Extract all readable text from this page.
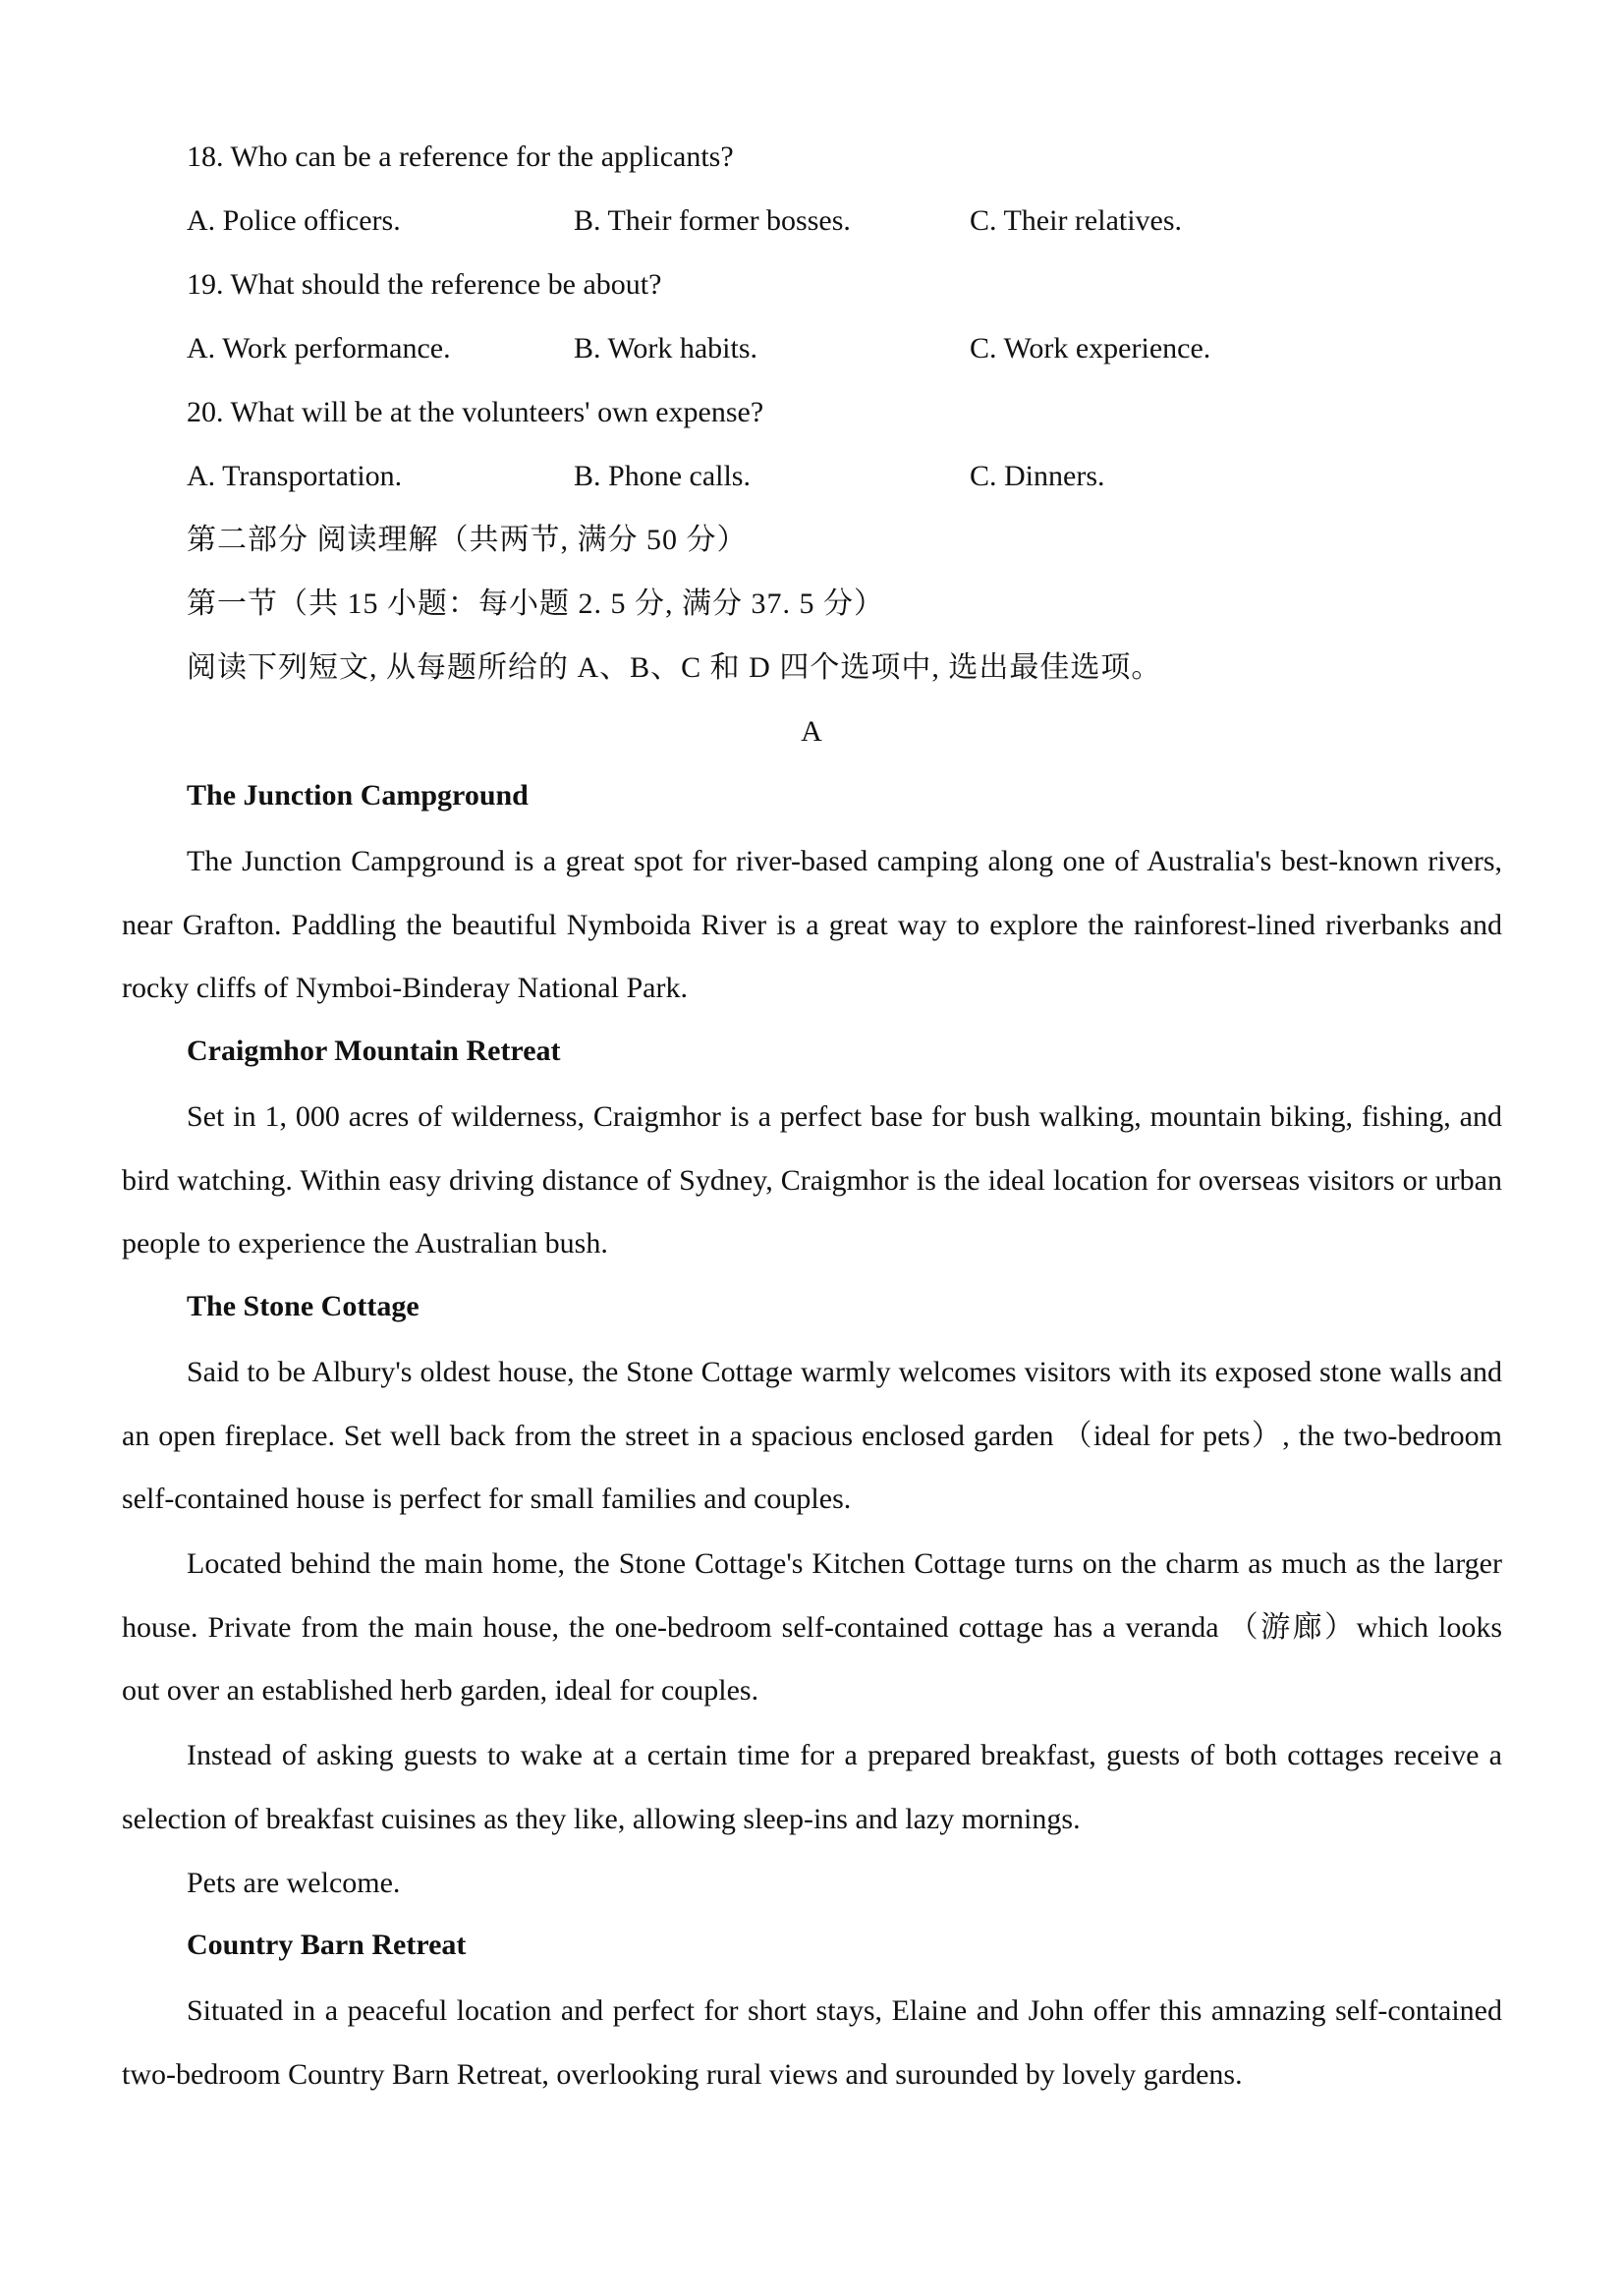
18. Who can be a reference for the applicants?
A. Police officers.	B. Their former bosses.	C. Their relatives.
19. What should the reference be about?
A. Work performance.	B. Work habits.	C. Work experience.
20. What will be at the volunteers' own expense?
A. Transportation.	B. Phone calls.	C. Dinners.
第二部分 阅读理解（共两节, 满分 50 分）
第一节（共 15 小题：每小题 2. 5 分, 满分 37. 5 分）
阅读下列短文, 从每题所给的 A、B、C 和 D 四个选项中, 选出最佳选项。
A
The Junction Campground
The Junction Campground is a great spot for river-based camping along one of Australia's best-known rivers, near Grafton. Paddling the beautiful Nymboida River is a great way to explore the rainforest-lined riverbanks and rocky cliffs of Nymboi-Binderay National Park.
Craigmhor Mountain Retreat
Set in 1, 000 acres of wilderness, Craigmhor is a perfect base for bush walking, mountain biking, fishing, and bird watching. Within easy driving distance of Sydney, Craigmhor is the ideal location for overseas visitors or urban people to experience the Australian bush.
The Stone Cottage
Said to be Albury's oldest house, the Stone Cottage warmly welcomes visitors with its exposed stone walls and an open fireplace. Set well back from the street in a spacious enclosed garden （ideal for pets）, the two-bedroom self-contained house is perfect for small families and couples.
Located behind the main home, the Stone Cottage's Kitchen Cottage turns on the charm as much as the larger house. Private from the main house, the one-bedroom self-contained cottage has a veranda （游廊）which looks out over an established herb garden, ideal for couples.
Instead of asking guests to wake at a certain time for a prepared breakfast, guests of both cottages receive a selection of breakfast cuisines as they like, allowing sleep-ins and lazy mornings.
Pets are welcome.
Country Barn Retreat
Situated in a peaceful location and perfect for short stays, Elaine and John offer this amnazing self-contained two-bedroom Country Barn Retreat, overlooking rural views and surounded by lovely gardens.
